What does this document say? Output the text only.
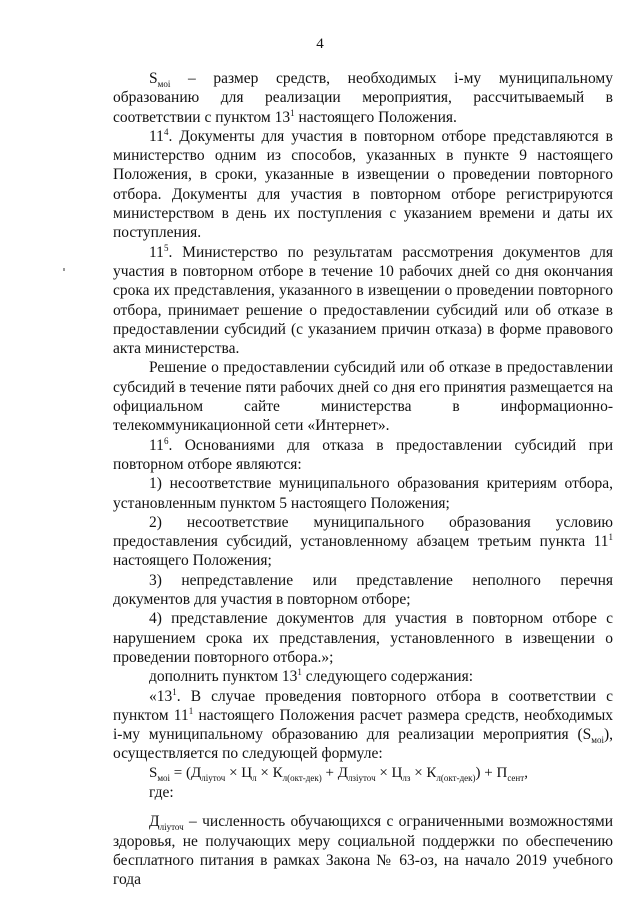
4

$S_{моі}$ – размер средств, необходимых і-му муниципальному образованию для реализации мероприятия, рассчитываемый в соответствии с пунктом $13^1$ настоящего Положения.

$11^4$. Документы для участия в повторном отборе представляются в министерство одним из способов, указанных в пункте 9 настоящего Положения, в сроки, указанные в извещении о проведении повторного отбора. Документы для участия в повторном отборе регистрируются министерством в день их поступления с указанием времени и даты их поступления.

$11^5$. Министерство по результатам рассмотрения документов для участия в повторном отборе в течение 10 рабочих дней со дня окончания срока их представления, указанного в извещении о проведении повторного отбора, принимает решение о предоставлении субсидий или об отказе в предоставлении субсидий (с указанием причин отказа) в форме правового акта министерства.

Решение о предоставлении субсидий или об отказе в предоставлении субсидий в течение пяти рабочих дней со дня его принятия размещается на официальном сайте министерства в информационно-телекоммуникационной сети «Интернет».

$11^6$. Основаниями для отказа в предоставлении субсидий при повторном отборе являются:

1) несоответствие муниципального образования критериям отбора, установленным пунктом 5 настоящего Положения;

2) несоответствие муниципального образования условию предоставления субсидий, установленному абзацем третьим пункта $11^1$ настоящего Положения;

3) непредставление или представление неполного перечня документов для участия в повторном отборе;

4) представление документов для участия в повторном отборе с нарушением срока их представления, установленного в извещении о проведении повторного отбора.»;

дополнить пунктом $13^1$ следующего содержания:

«$13^1$. В случае проведения повторного отбора в соответствии с пунктом $11^1$ настоящего Положения расчет размера средств, необходимых і-му муниципальному образованию для реализации мероприятия $(S_{моі})$, осуществляется по следующей формуле:

$S_{моі} = (Д_{ліуточ} \times Ц_л \times К_{л(окт-дек)} + Д_{лзіуточ} \times Ц_{лз} \times К_{л(окт-дек)}) + П_{сент}$,

где:

$Д_{ліуточ}$ – численность обучающихся с ограниченными возможностями здоровья, не получающих меру социальной поддержки по обеспечению бесплатного питания в рамках Закона № 63-оз, на начало 2019 учебного года
